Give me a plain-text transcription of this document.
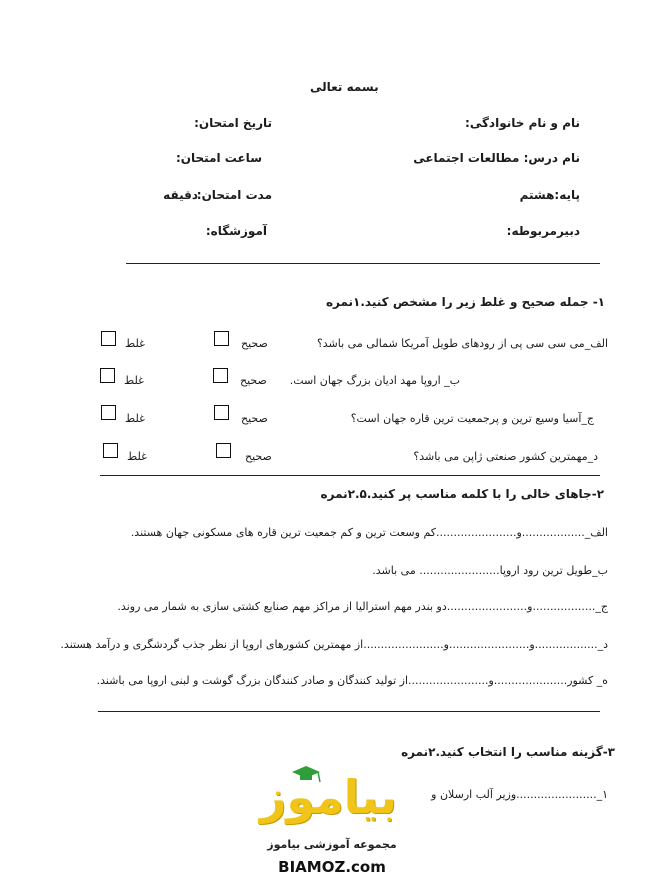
بسمه تعالی
نام و نام خانوادگی:
تاریخ امتحان:
نام درس: مطالعات اجتماعی
ساعت امتحان:
پایه:هشتم
مدت امتحان:
دقیقه
دبیرمربوطه:
آموزشگاه:
۱- جمله صحیح و غلط زیر را مشخص کنید.۱نمره
الف_می سی سی پی از رودهای طویل آمریکا شمالی می باشد؟
صحیح
غلط
ب_ اروپا مهد ادیان بزرگ جهان است.
صحیح
غلط
ج_آسیا وسیع ترین و پرجمعیت ترین قاره جهان است؟
صحیح
غلط
د_مهمترین کشور صنعتی ژاپن می باشد؟
صحیح
غلط
۲-جاهای خالی را با کلمه مناسب پر کنید.۲.۵نمره
الف_..................و.......................کم وسعت ترین و کم جمعیت ترین قاره های مسکونی جهان هستند.
ب_طویل ترین رود اروپا....................... می باشد.
ج_..................و.......................دو بندر مهم استرالیا از مراکز مهم صنایع کشتی سازی به شمار می روند.
د_..................و.......................و.......................از مهمترین کشورهای اروپا از نظر جذب گردشگری و درآمد هستند.
ه_ کشور.....................و.......................از تولید کنندگان و صادر کنندگان بزرگ گوشت و لبنی اروپا می باشند.
۳-گزینه مناسب را انتخاب کنید.۲نمره
۱_.......................وزیر آلب ارسلان و
بیاموز
مجموعه آموزشی بیاموز
BIAMOZ.com
